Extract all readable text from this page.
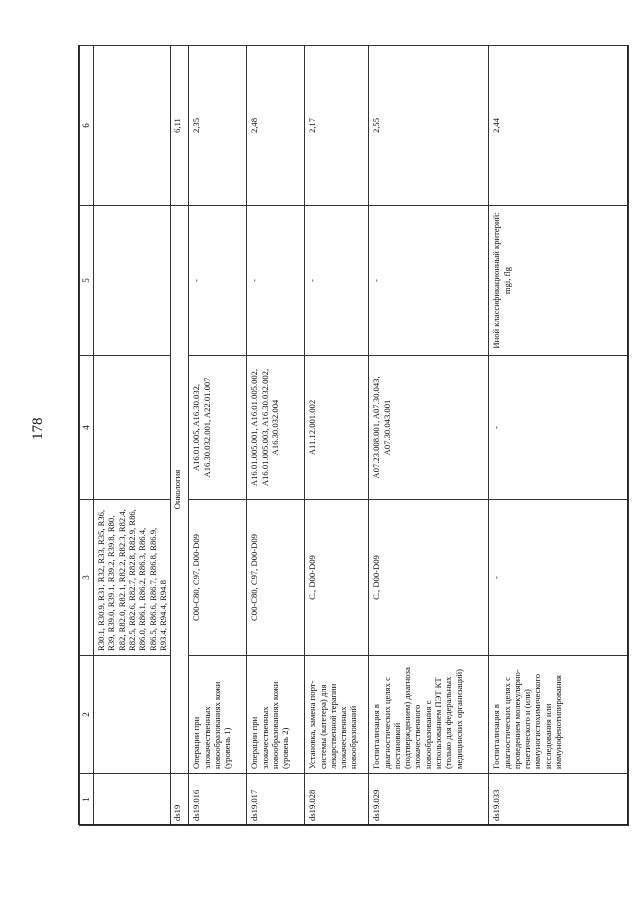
178
1	2	3	4	5	6
		R30.1, R30.9, R31, R32, R33, R35, R36, R39, R39.0, R39.1, R39.2, R39.8, R80, R82, R82.0, R82.1, R82.2, R82.3, R82.4, R82.5, R82.6, R82.7, R82.8, R82.9, R86, R86.0, R86.1, R86.2, R86.3, R86.4, R86.5, R86.6, R86.7, R86.8, R86.9, R93.4, R94.4, R94.8			
ds19	Онкология				6,11
ds19.016	Операции при злокачественных новообразованиях кожи (уровень 1)	C00-C80, C97, D00-D09	A16.01.005, A16.30.032, A16.30.032.001, A22.01.007	-	2,35
ds19.017	Операции при злокачественных новообразованиях кожи (уровень 2)	C00-C80, C97, D00-D09	A16.01.005.001, A16.01.005.002, A16.01.005.003, A16.30.032.002, A16.30.032.004	-	2,48
ds19.028	Установка, замена порт-системы (катетера) для лекарственной терапии злокачественных новообразований	C., D00-D09	A11.12.001.002	-	2,17
ds19.029	Госпитализация в диагностических целях с постановкой (подтверждением) диагноза злокачественного новообразования с использованием ПЭТ КТ (только для федеральных медицинских организаций)	C., D00-D09	A07.23.008.001, A07.30.043, A07.30.043.001	-	2,55
ds19.033	Госпитализация в диагностических целях с проведением молекулярно-генетического и (или) иммуногистохимического исследования или иммунофенотипирования	-	-	Иной классификационный критерий: mgi, flg	2,44
